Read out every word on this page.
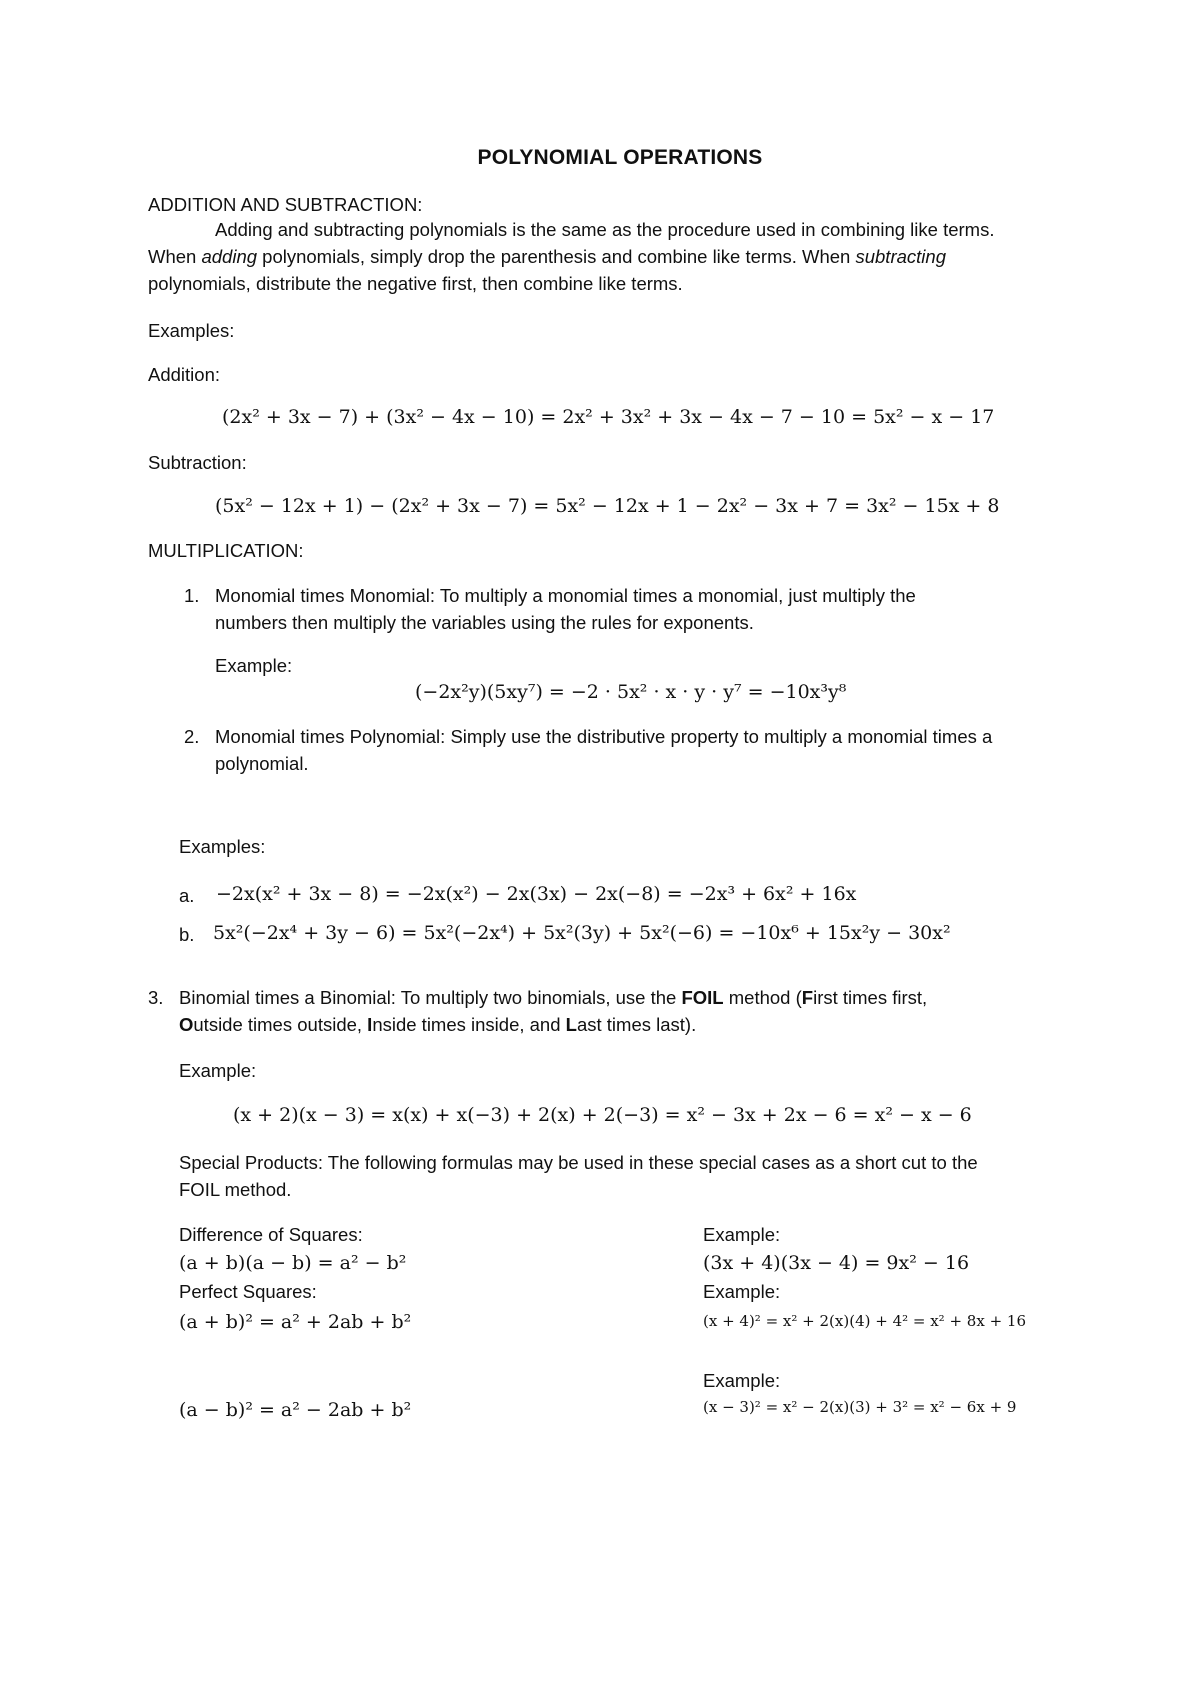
POLYNOMIAL OPERATIONS
ADDITION AND SUBTRACTION:
Adding and subtracting polynomials is the same as the procedure used in combining like terms.
When adding polynomials, simply drop the parenthesis and combine like terms. When subtracting
polynomials, distribute the negative first, then combine like terms.
Examples:
Addition:
(2x² + 3x − 7) + (3x² − 4x − 10) = 2x² + 3x² + 3x − 4x − 7 − 10 = 5x² − x − 17
Subtraction:
(5x² − 12x + 1) − (2x² + 3x − 7) = 5x² − 12x + 1 − 2x² − 3x + 7 = 3x² − 15x + 8
MULTIPLICATION:
1. Monomial times Monomial: To multiply a monomial times a monomial, just multiply the
numbers then multiply the variables using the rules for exponents.
Example:
(−2x²y)(5xy⁷) = −2 · 5x² · x · y · y⁷ = −10x³y⁸
2. Monomial times Polynomial: Simply use the distributive property to multiply a monomial times a
polynomial.
Examples:
a. −2x(x² + 3x − 8) = −2x(x²) − 2x(3x) − 2x(−8) = −2x³ + 6x² + 16x
b. 5x²(−2x⁴ + 3y − 6) = 5x²(−2x⁴) + 5x²(3y) + 5x²(−6) = −10x⁶ + 15x²y − 30x²
3. Binomial times a Binomial: To multiply two binomials, use the FOIL method (First times first,
Outside times outside, Inside times inside, and Last times last).
Example:
(x + 2)(x − 3) = x(x) + x(−3) + 2(x) + 2(−3) = x² − 3x + 2x − 6 = x² − x − 6
Special Products: The following formulas may be used in these special cases as a short cut to the
FOIL method.
Difference of Squares:
(a + b)(a − b) = a² − b²
Perfect Squares:
(a + b)² = a² + 2ab + b²
(a − b)² = a² − 2ab + b²
Example:
(3x + 4)(3x − 4) = 9x² − 16
Example:
(x + 4)² = x² + 2(x)(4) + 4² = x² + 8x + 16
Example:
(x − 3)² = x² − 2(x)(3) + 3² = x² − 6x + 9
